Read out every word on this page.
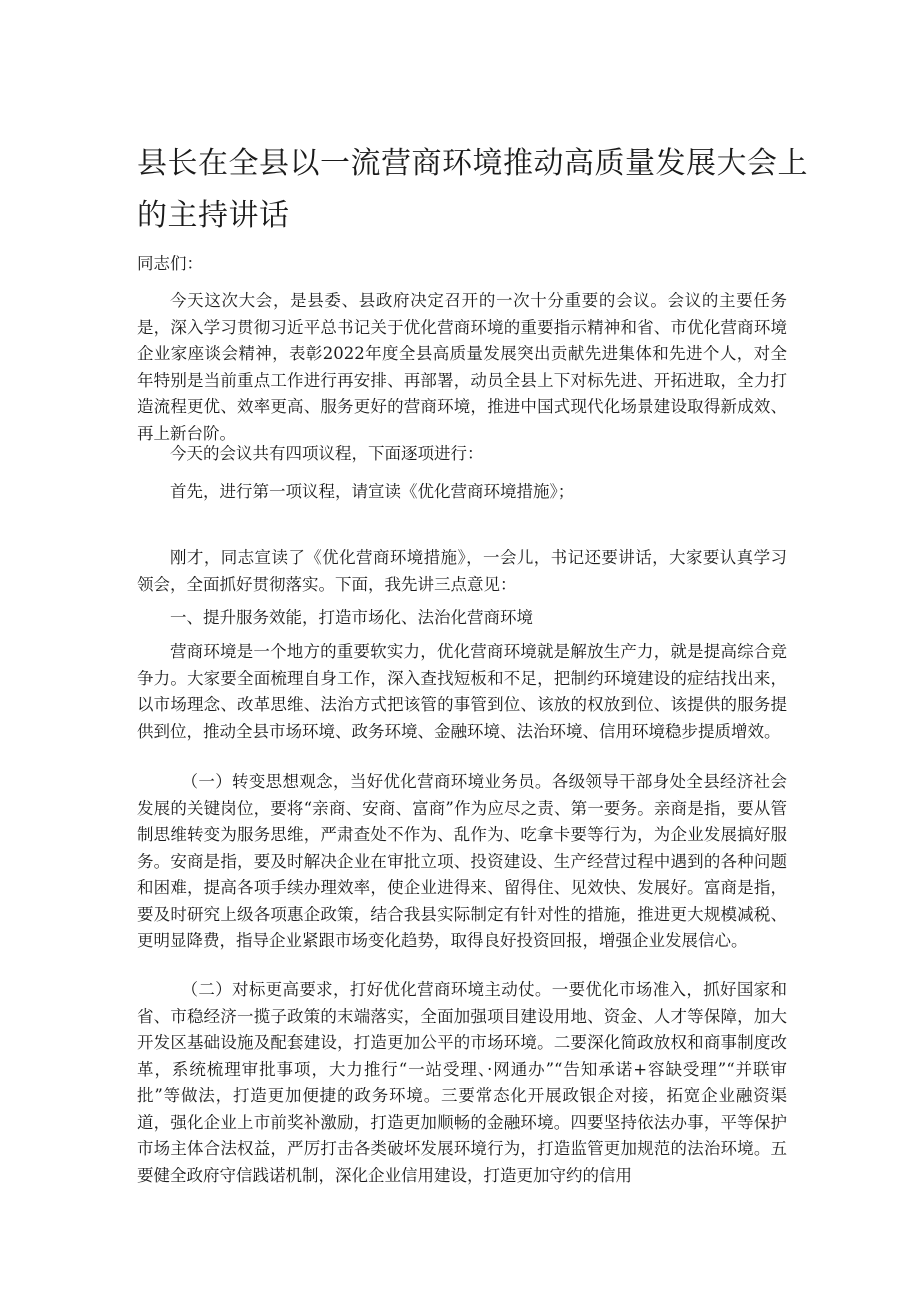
县长在全县以一流营商环境推动高质量发展大会上
的主持讲话
同志们：

今天这次大会，是县委、县政府决定召开的一次十分重要的会议。会议的主要任务是，深入学习贯彻习近平总书记关于优化营商环境的重要指示精神和省、市优化营商环境企业家座谈会精神，表彰2022年度全县高质量发展突出贡献先进集体和先进个人，对全年特别是当前重点工作进行再安排、再部署，动员全县上下对标先进、开拓进取，全力打造流程更优、效率更高、服务更好的营商环境，推进中国式现代化场景建设取得新成效、再上新台阶。

今天的会议共有四项议程，下面逐项进行：

首先，进行第一项议程，请宣读《优化营商环境措施》；

刚才，同志宣读了《优化营商环境措施》，一会儿，书记还要讲话，大家要认真学习领会，全面抓好贯彻落实。下面，我先讲三点意见：

一、提升服务效能，打造市场化、法治化营商环境

营商环境是一个地方的重要软实力，优化营商环境就是解放生产力，就是提高综合竞争力。大家要全面梳理自身工作，深入查找短板和不足，把制约环境建设的症结找出来，以市场理念、改革思维、法治方式把该管的事管到位、该放的权放到位、该提供的服务提供到位，推动全县市场环境、政务环境、金融环境、法治环境、信用环境稳步提质增效。

（一）转变思想观念，当好优化营商环境业务员。各级领导干部身处全县经济社会发展的关键岗位，要将“亲商、安商、富商”作为应尽之责、第一要务。亲商是指，要从管制思维转变为服务思维，严肃查处不作为、乱作为、吃拿卡要等行为，为企业发展搞好服务。安商是指，要及时解决企业在审批立项、投资建设、生产经营过程中遇到的各种问题和困难，提高各项手续办理效率，使企业进得来、留得住、见效快、发展好。富商是指，要及时研究上级各项惠企政策，结合我县实际制定有针对性的措施，推进更大规模减税、更明显降费，指导企业紧跟市场变化趋势，取得良好投资回报，增强企业发展信心。

（二）对标更高要求，打好优化营商环境主动仗。一要优化市场准入，抓好国家和省、市稳经济一揽子政策的末端落实，全面加强项目建设用地、资金、人才等保障，加大开发区基础设施及配套建设，打造更加公平的市场环境。二要深化简政放权和商事制度改革，系统梳理审批事项，大力推行“一站受理、·网通办”“告知承诺+容缺受理”“并联审批”等做法，打造更加便捷的政务环境。三要常态化开展政银企对接，拓宽企业融资渠道，强化企业上市前奖补激励，打造更加顺畅的金融环境。四要坚持依法办事，平等保护市场主体合法权益，严厉打击各类破坏发展环境行为，打造监管更加规范的法治环境。五要健全政府守信践诺机制，深化企业信用建设，打造更加守约的信用
